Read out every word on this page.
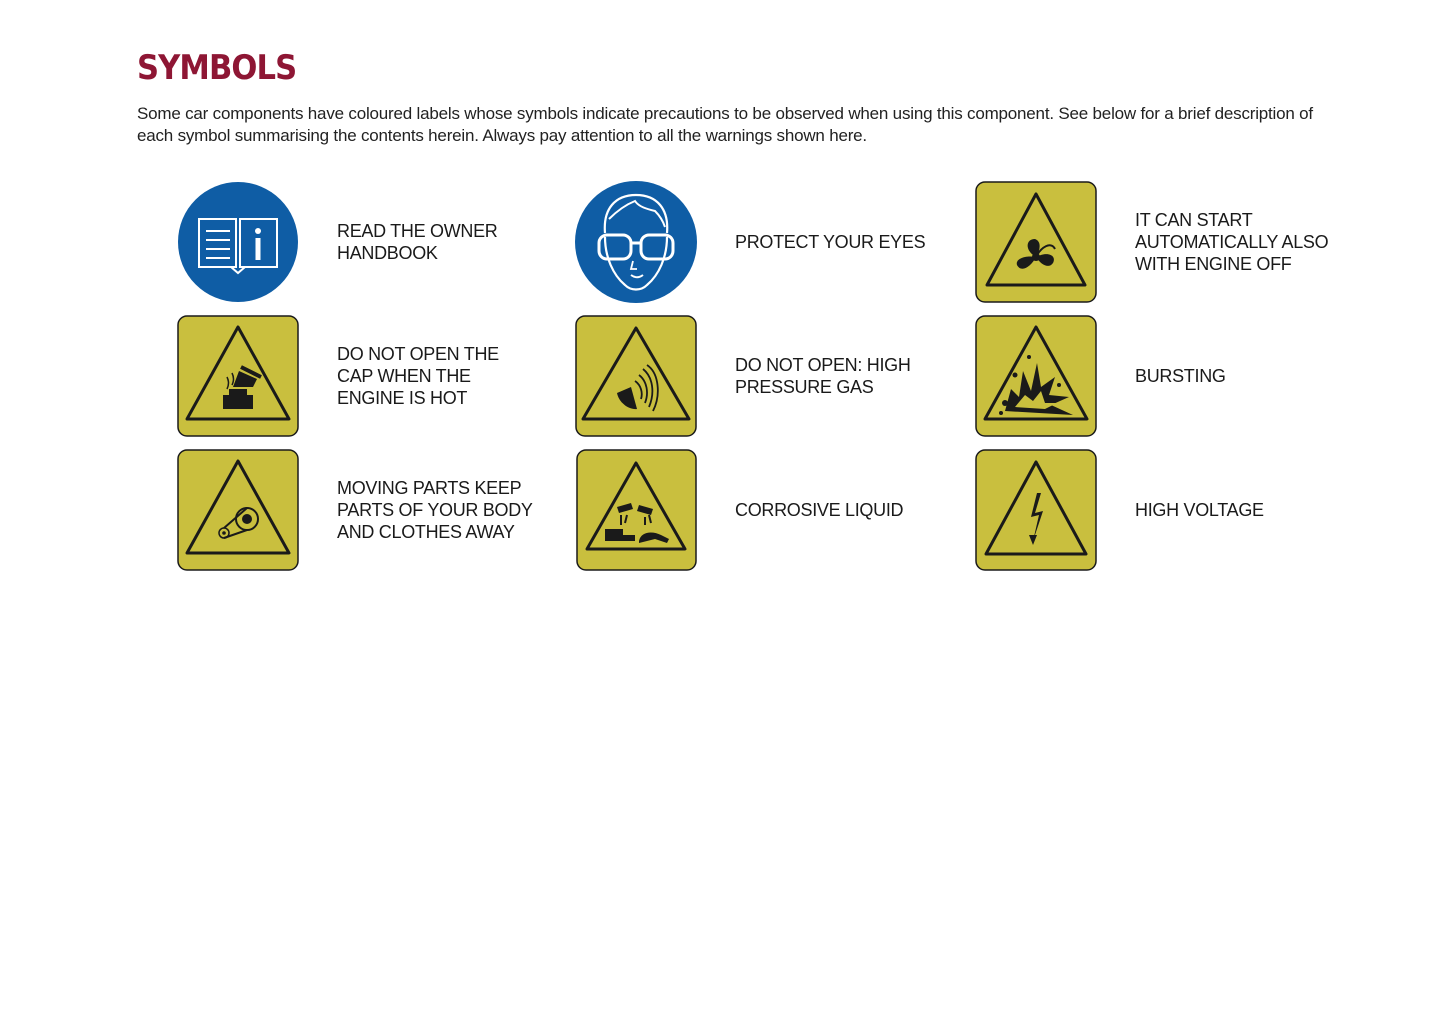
SYMBOLS

Some car components have coloured labels whose symbols indicate precautions to be observed when using this component. See below for a brief description of each symbol summarising the contents herein. Always pay attention to all the warnings shown here.

READ THE OWNER HANDBOOK
PROTECT YOUR EYES
IT CAN START AUTOMATICALLY ALSO WITH ENGINE OFF
DO NOT OPEN THE CAP WHEN THE ENGINE IS HOT
DO NOT OPEN: HIGH PRESSURE GAS
BURSTING
MOVING PARTS KEEP PARTS OF YOUR BODY AND CLOTHES AWAY
CORROSIVE LIQUID	HIGH VOLTAGE
